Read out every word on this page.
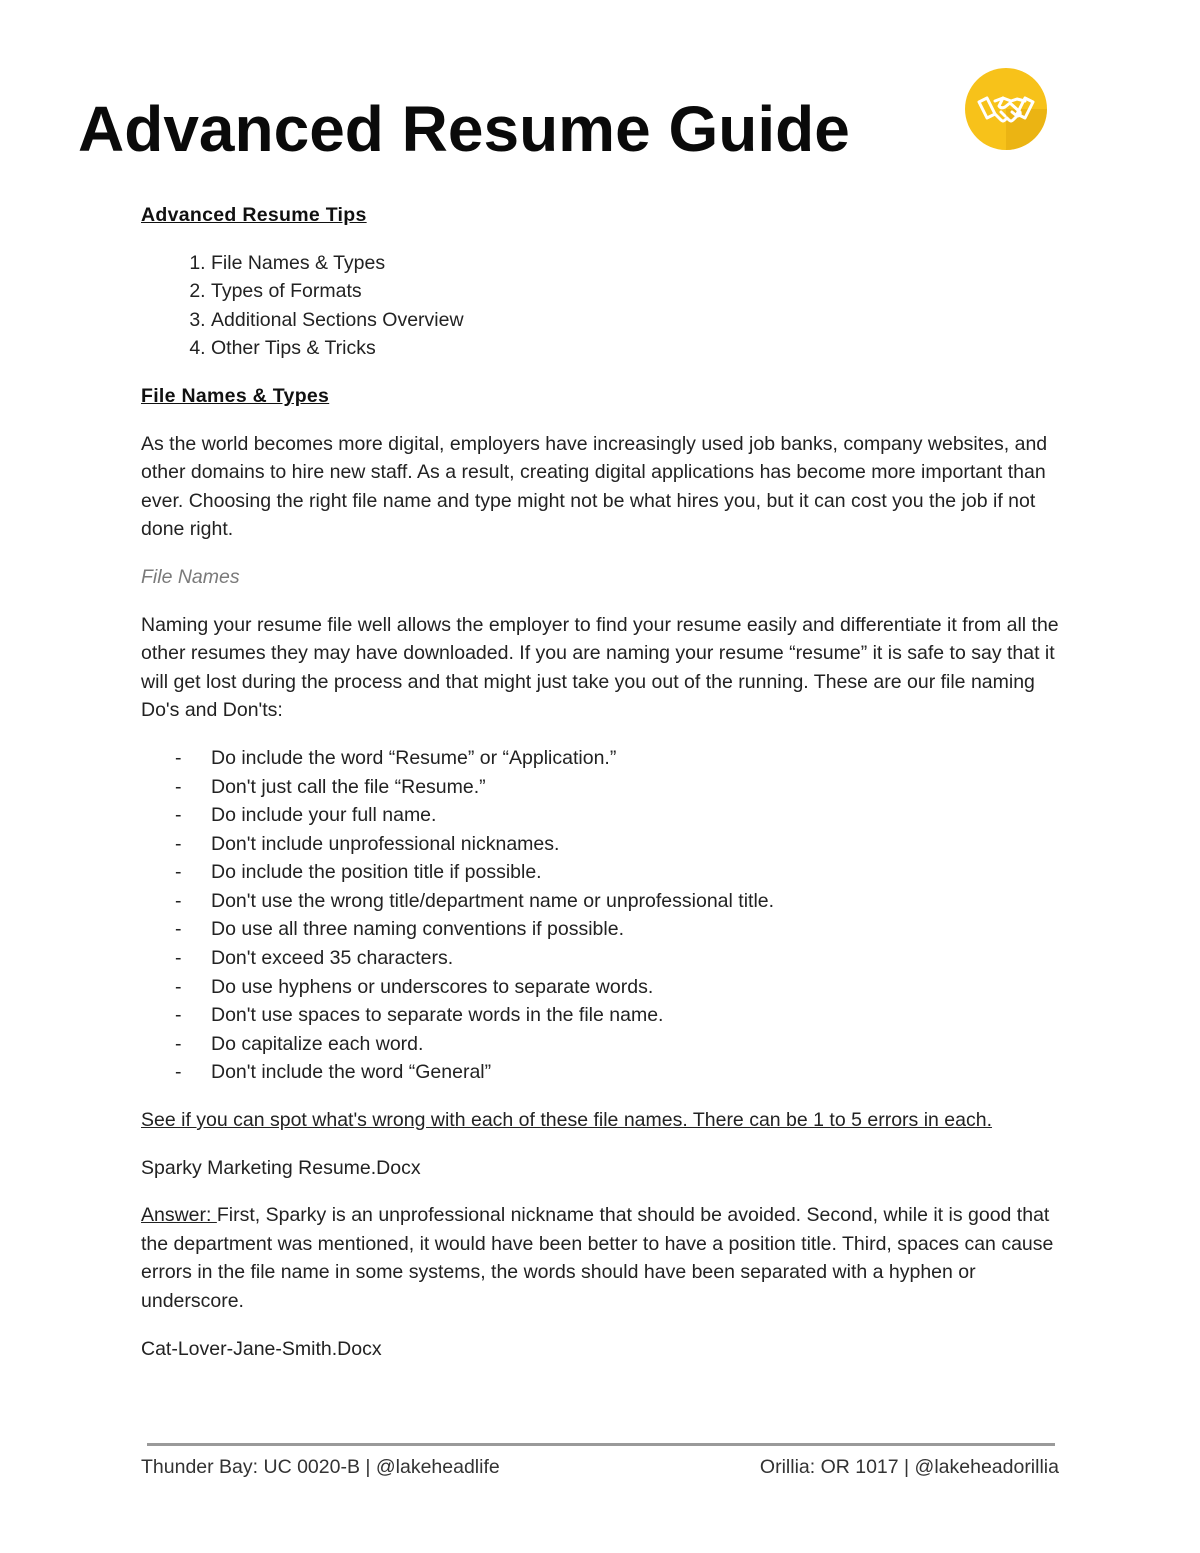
Advanced Resume Guide

Advanced Resume Tips

1. File Names & Types
2. Types of Formats
3. Additional Sections Overview
4. Other Tips & Tricks

File Names & Types

As the world becomes more digital, employers have increasingly used job banks, company websites, and other domains to hire new staff. As a result, creating digital applications has become more important than ever. Choosing the right file name and type might not be what hires you, but it can cost you the job if not done right.

File Names

Naming your resume file well allows the employer to find your resume easily and differentiate it from all the other resumes they may have downloaded. If you are naming your resume “resume” it is safe to say that it will get lost during the process and that might just take you out of the running. These are our file naming Do's and Don'ts:

- Do include the word “Resume” or “Application.”
- Don't just call the file “Resume.”
- Do include your full name.
- Don't include unprofessional nicknames.
- Do include the position title if possible.
- Don't use the wrong title/department name or unprofessional title.
- Do use all three naming conventions if possible.
- Don't exceed 35 characters.
- Do use hyphens or underscores to separate words.
- Don't use spaces to separate words in the file name.
- Do capitalize each word.
- Don't include the word “General”

See if you can spot what's wrong with each of these file names. There can be 1 to 5 errors in each.

Sparky Marketing Resume.Docx

Answer: First, Sparky is an unprofessional nickname that should be avoided. Second, while it is good that the department was mentioned, it would have been better to have a position title. Third, spaces can cause errors in the file name in some systems, the words should have been separated with a hyphen or underscore.

Cat-Lover-Jane-Smith.Docx

Thunder Bay: UC 0020-B | @lakeheadlife	Orillia: OR 1017 | @lakeheadorillia
